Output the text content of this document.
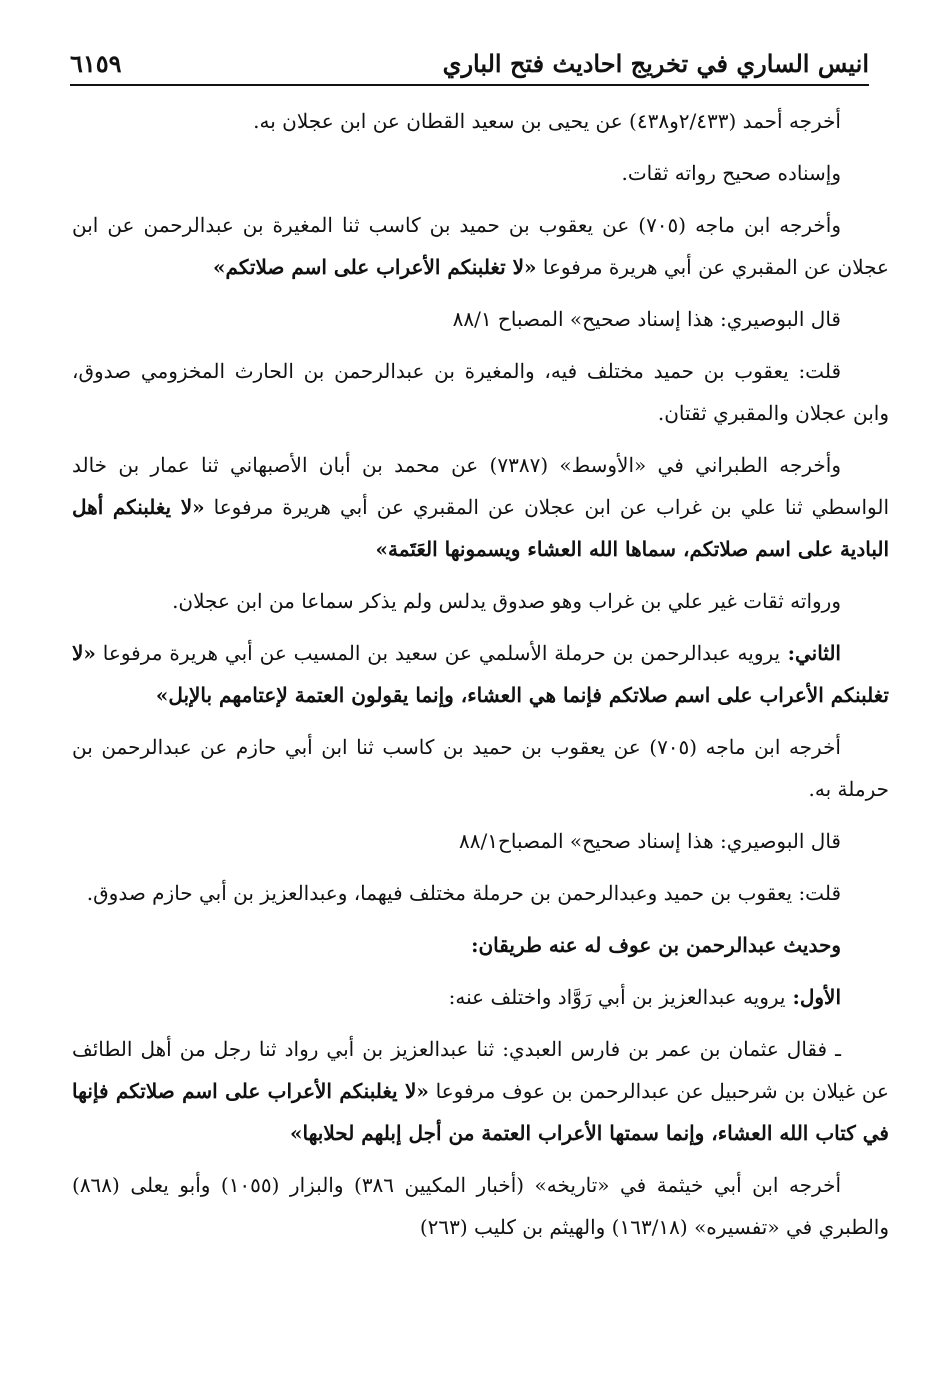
انيس الساري في تخريج احاديث فتح الباري
٦١٥٩

أخرجه أحمد (٢/٤٣٣و٤٣٨) عن يحيى بن سعيد القطان عن ابن عجلان به.

وإسناده صحيح رواته ثقات.

وأخرجه ابن ماجه (٧٠٥) عن يعقوب بن حميد بن كاسب ثنا المغيرة بن عبدالرحمن عن ابن عجلان عن المقبري عن أبي هريرة مرفوعا «لا تغلبنكم الأعراب على اسم صلاتكم»

قال البوصيري: هذا إسناد صحيح» المصباح ٨٨/١

قلت: يعقوب بن حميد مختلف فيه، والمغيرة بن عبدالرحمن بن الحارث المخزومي صدوق، وابن عجلان والمقبري ثقتان.

وأخرجه الطبراني في «الأوسط» (٧٣٨٧) عن محمد بن أبان الأصبهاني ثنا عمار بن خالد الواسطي ثنا علي بن غراب عن ابن عجلان عن المقبري عن أبي هريرة مرفوعا «لا يغلبنكم أهل البادية على اسم صلاتكم، سماها الله العشاء ويسمونها العَتَمة»

ورواته ثقات غير علي بن غراب وهو صدوق يدلس ولم يذكر سماعا من ابن عجلان.

الثاني: يرويه عبدالرحمن بن حرملة الأسلمي عن سعيد بن المسيب عن أبي هريرة مرفوعا «لا تغلبنكم الأعراب على اسم صلاتكم فإنما هي العشاء، وإنما يقولون العتمة لإعتامهم بالإبل»

أخرجه ابن ماجه (٧٠٥) عن يعقوب بن حميد بن كاسب ثنا ابن أبي حازم عن عبدالرحمن بن حرملة به.

قال البوصيري: هذا إسناد صحيح» المصباح٨٨/١

قلت: يعقوب بن حميد وعبدالرحمن بن حرملة مختلف فيهما، وعبدالعزيز بن أبي حازم صدوق.

وحديث عبدالرحمن بن عوف له عنه طريقان:

الأول: يرويه عبدالعزيز بن أبي رَوَّاد واختلف عنه:

ـ فقال عثمان بن عمر بن فارس العبدي: ثنا عبدالعزيز بن أبي رواد ثنا رجل من أهل الطائف عن غيلان بن شرحبيل عن عبدالرحمن بن عوف مرفوعا «لا يغلبنكم الأعراب على اسم صلاتكم فإنها في كتاب الله العشاء، وإنما سمتها الأعراب العتمة من أجل إبلهم لحلابها»

أخرجه ابن أبي خيثمة في «تاريخه» (أخبار المكيين ٣٨٦) والبزار (١٠٥٥) وأبو يعلى (٨٦٨) والطبري في «تفسيره» (١٦٣/١٨) والهيثم بن كليب (٢٦٣)
